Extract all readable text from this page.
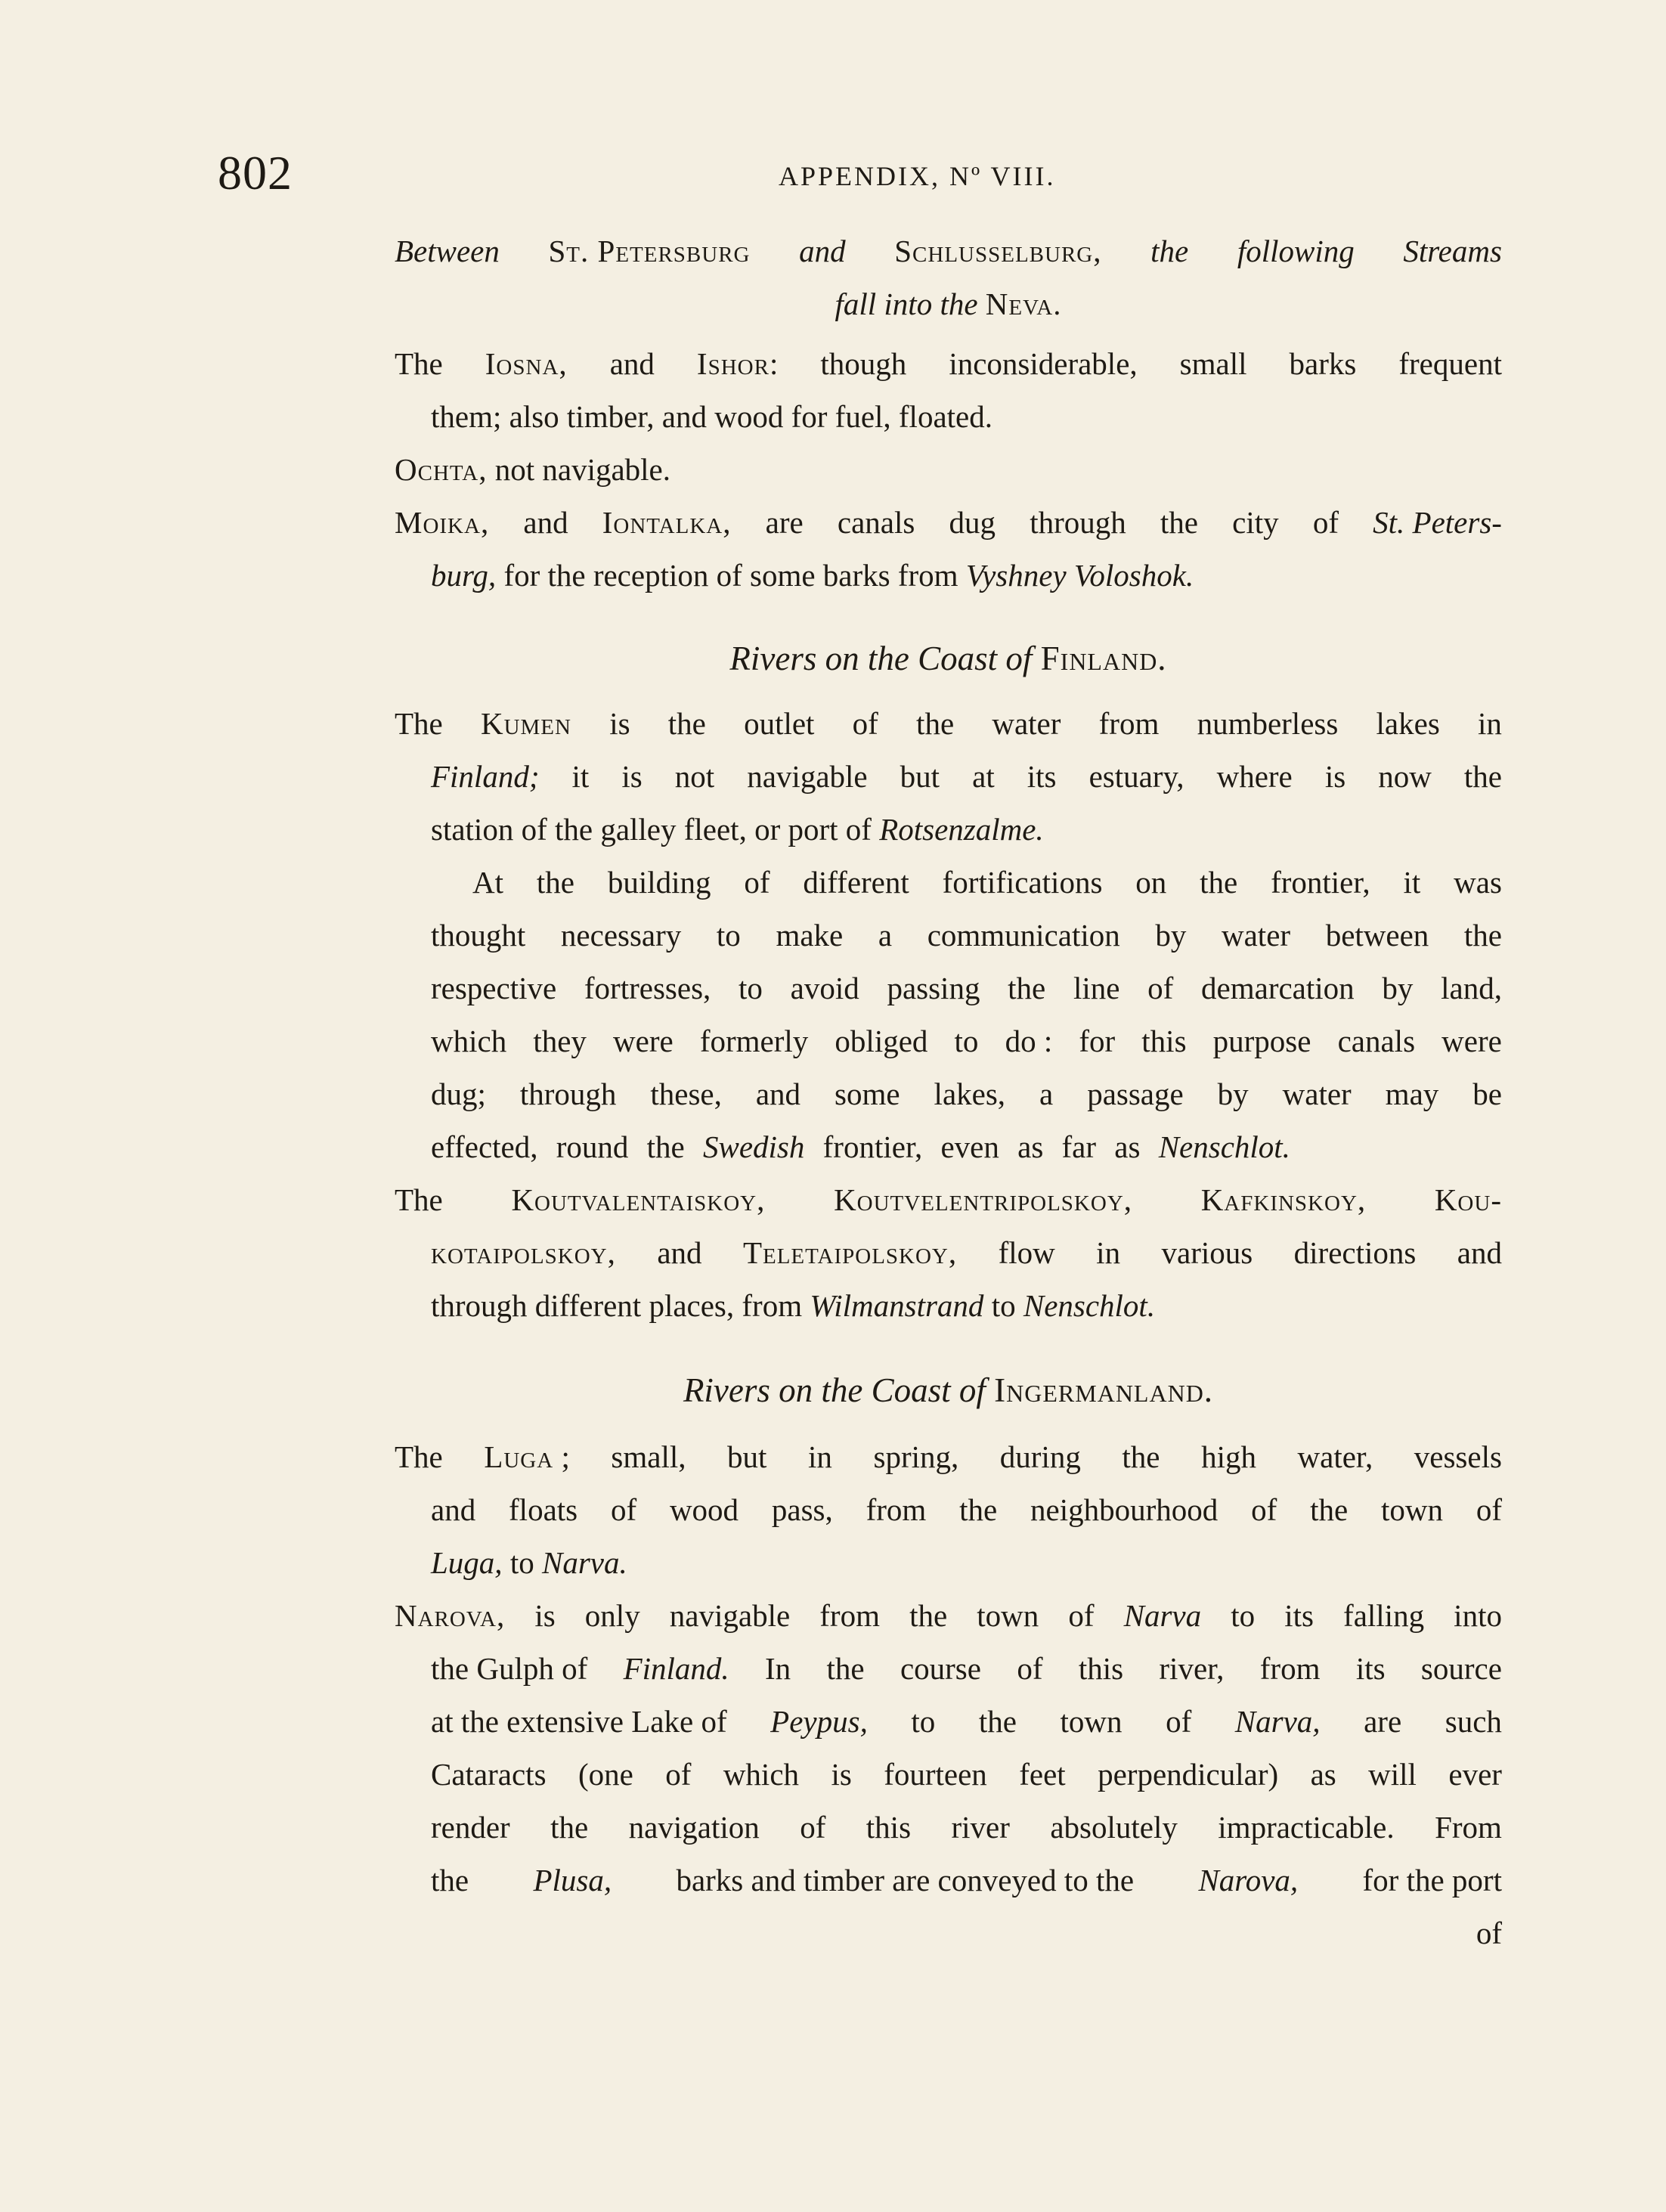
802	APPENDIX, Nº VIII.
Between St. Petersburg and Schlusselburg, the following Streams
fall into the Neva.
The Iosna, and Ishor: though inconsiderable, small barks frequent
them; also timber, and wood for fuel, floated.
Ochta, not navigable.
Moika, and Iontalka, are canals dug through the city of St. Peters-
burg, for the reception of some barks from Vyshney Voloshok.
Rivers on the Coast of Finland.
The Kumen is the outlet of the water from numberless lakes in
Finland; it is not navigable but at its estuary, where is now the
station of the galley fleet, or port of Rotsenzalme.
At the building of different fortifications on the frontier, it was
thought necessary to make a communication by water between the
respective fortresses, to avoid passing the line of demarcation by land,
which they were formerly obliged to do : for this purpose canals were
dug; through these, and some lakes, a passage by water may be
effected, round the Swedish frontier, even as far as Nenschlot.
The Koutvalentaiskoy, Koutvelentripolskoy, Kafkinskoy, Kou-
kotaipolskoy, and Teletaipolskoy, flow in various directions and
through different places, from Wilmanstrand to Nenschlot.
Rivers on the Coast of Ingermanland.
The Luga ; small, but in spring, during the high water, vessels
and floats of wood pass, from the neighbourhood of the town of
Luga, to Narva.
Narova, is only navigable from the town of Narva to its falling into
the Gulph of Finland. In the course of this river, from its source
at the extensive Lake of Peypus, to the town of Narva, are such
Cataracts (one of which is fourteen feet perpendicular) as will ever
render the navigation of this river absolutely impracticable. From
the Plusa, barks and timber are conveyed to the Narova, for the port
of
